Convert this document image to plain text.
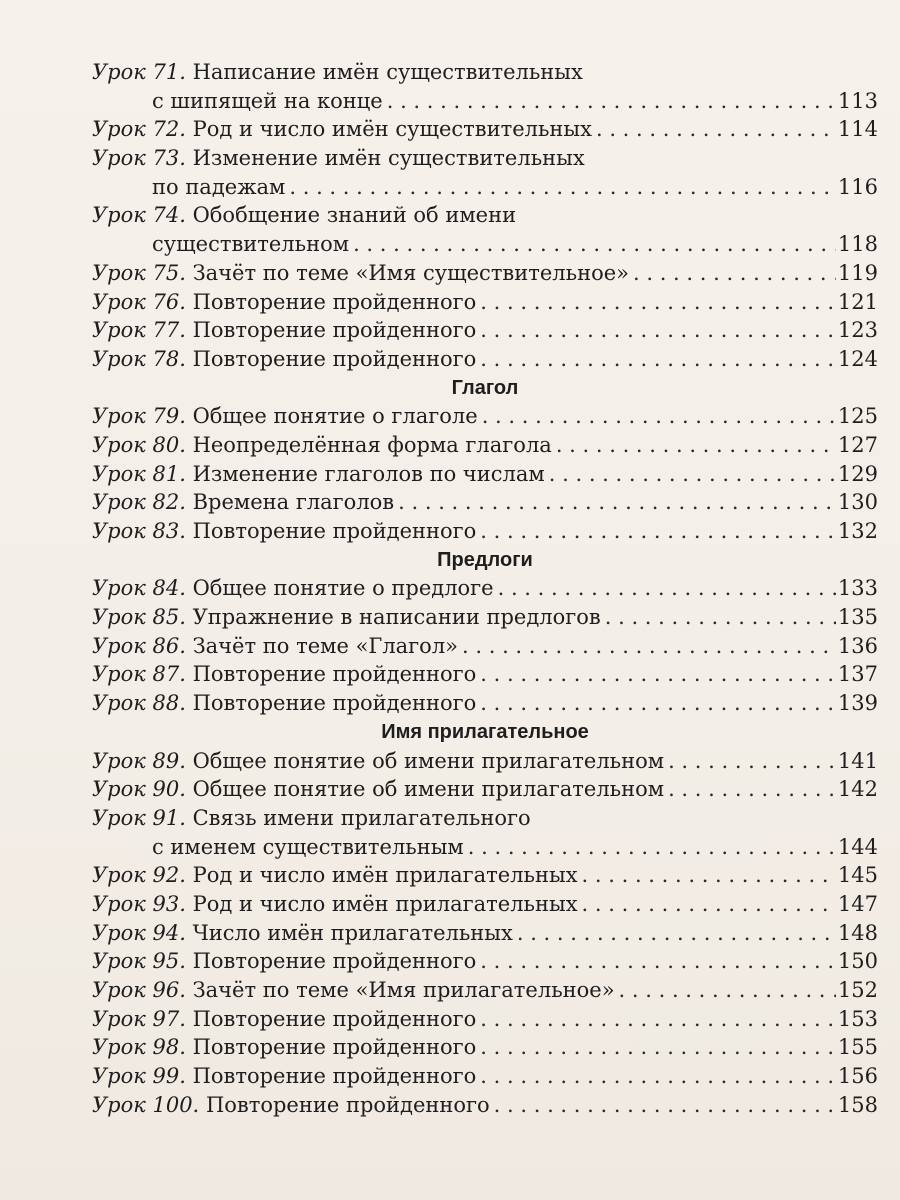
Урок 71.
Написание имён существительных
с шипящей на конце . . .	113
Урок 72.
Род и число имён существительных . . .	114
Урок 73.
Изменение имён существительных
по падежам . . .	116
Урок 74.
Обобщение знаний об имени
существительном . . .	118
Урок 75.
Зачёт по теме «Имя существительное» . . .	119
Урок 76.
Повторение пройденного . . .	121
Урок 77.
Повторение пройденного . . .	123
Урок 78.
Повторение пройденного . . .	124
Глагол
Урок 79.
Общее понятие о глаголе . . .	125
Урок 80.
Неопределённая форма глагола . . .	127
Урок 81.
Изменение глаголов по числам . . .	129
Урок 82.
Времена глаголов . . .	130
Урок 83.
Повторение пройденного . . .	132
Предлоги
Урок 84.
Общее понятие о предлоге . . .	133
Урок 85.
Упражнение в написании предлогов . . .	135
Урок 86.
Зачёт по теме «Глагол» . . .	136
Урок 87.
Повторение пройденного . . .	137
Урок 88.
Повторение пройденного . . .	139
Имя прилагательное
Урок 89.
Общее понятие об имени прилагательном . . .	141
Урок 90.
Общее понятие об имени прилагательном . . .	142
Урок 91.
Связь имени прилагательного
с именем существительным . . .	144
Урок 92.
Род и число имён прилагательных . . .	145
Урок 93.
Род и число имён прилагательных . . .	147
Урок 94.
Число имён прилагательных . . .	148
Урок 95.
Повторение пройденного . . .	150
Урок 96.
Зачёт по теме «Имя прилагательное» . . .	152
Урок 97.
Повторение пройденного . . .	153
Урок 98.
Повторение пройденного . . .	155
Урок 99.
Повторение пройденного . . .	156
Урок 100.
Повторение пройденного . . .	158
